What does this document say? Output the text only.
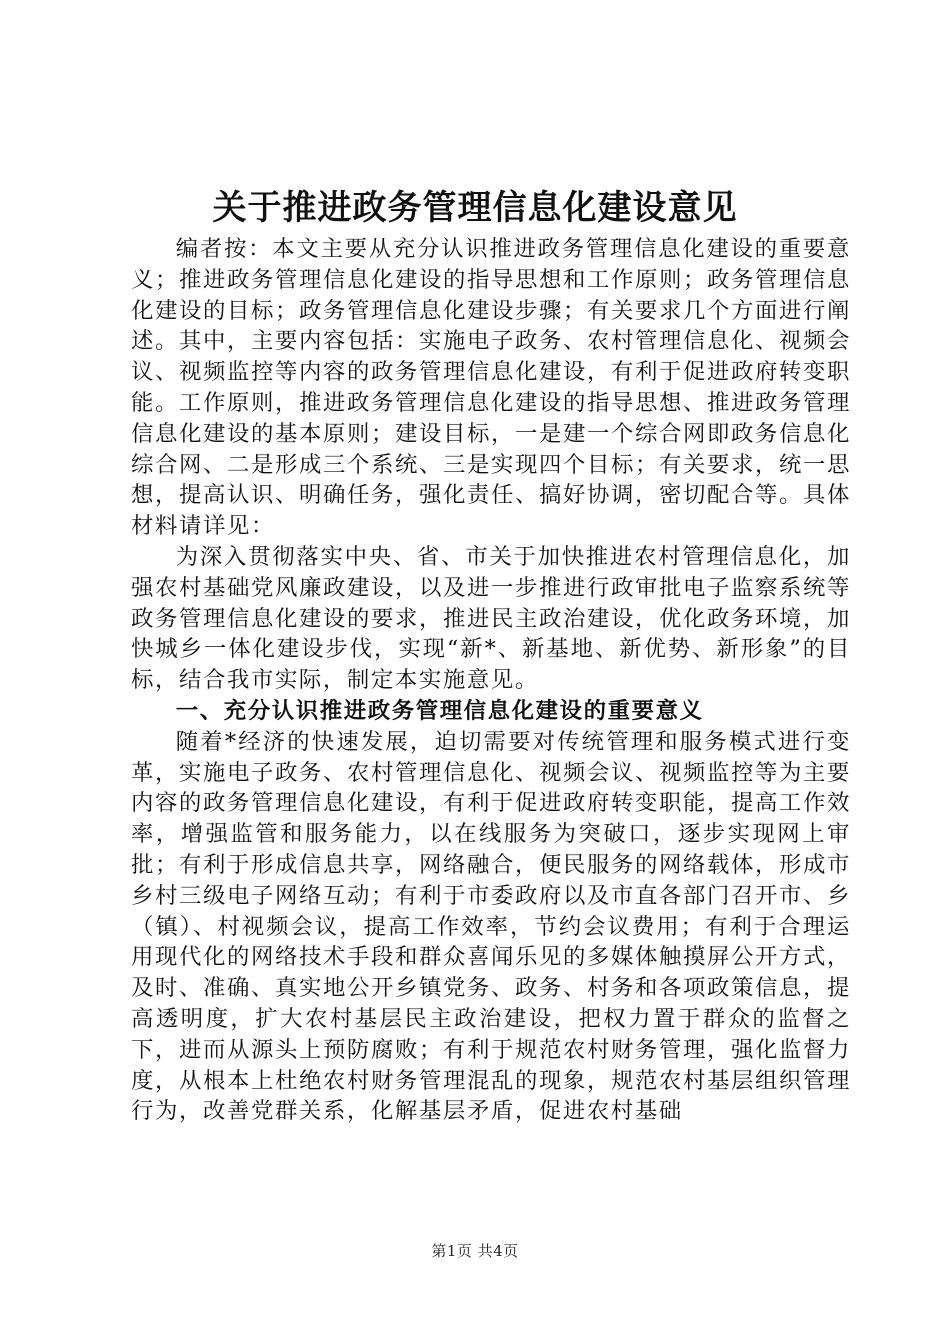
关于推进政务管理信息化建设意见

编者按：本文主要从充分认识推进政务管理信息化建设的重要意义；推进政务管理信息化建设的指导思想和工作原则；政务管理信息化建设的目标；政务管理信息化建设步骤；有关要求几个方面进行阐述。其中，主要内容包括：实施电子政务、农村管理信息化、视频会议、视频监控等内容的政务管理信息化建设，有利于促进政府转变职能。工作原则，推进政务管理信息化建设的指导思想、推进政务管理信息化建设的基本原则；建设目标，一是建一个综合网即政务信息化综合网、二是形成三个系统、三是实现四个目标；有关要求，统一思想，提高认识、明确任务，强化责任、搞好协调，密切配合等。具体材料请详见：

为深入贯彻落实中央、省、市关于加快推进农村管理信息化，加强农村基础党风廉政建设，以及进一步推进行政审批电子监察系统等政务管理信息化建设的要求，推进民主政治建设，优化政务环境，加快城乡一体化建设步伐，实现“新*、新基地、新优势、新形象”的目标，结合我市实际，制定本实施意见。

一、充分认识推进政务管理信息化建设的重要意义

随着*经济的快速发展，迫切需要对传统管理和服务模式进行变革，实施电子政务、农村管理信息化、视频会议、视频监控等为主要内容的政务管理信息化建设，有利于促进政府转变职能，提高工作效率，增强监管和服务能力，以在线服务为突破口，逐步实现网上审批；有利于形成信息共享，网络融合，便民服务的网络载体，形成市乡村三级电子网络互动；有利于市委政府以及市直各部门召开市、乡（镇）、村视频会议，提高工作效率，节约会议费用；有利于合理运用现代化的网络技术手段和群众喜闻乐见的多媒体触摸屏公开方式，及时、准确、真实地公开乡镇党务、政务、村务和各项政策信息，提高透明度，扩大农村基层民主政治建设，把权力置于群众的监督之下，进而从源头上预防腐败；有利于规范农村财务管理，强化监督力度，从根本上杜绝农村财务管理混乱的现象，规范农村基层组织管理行为，改善党群关系，化解基层矛盾，促进农村基础

第1页 共4页
